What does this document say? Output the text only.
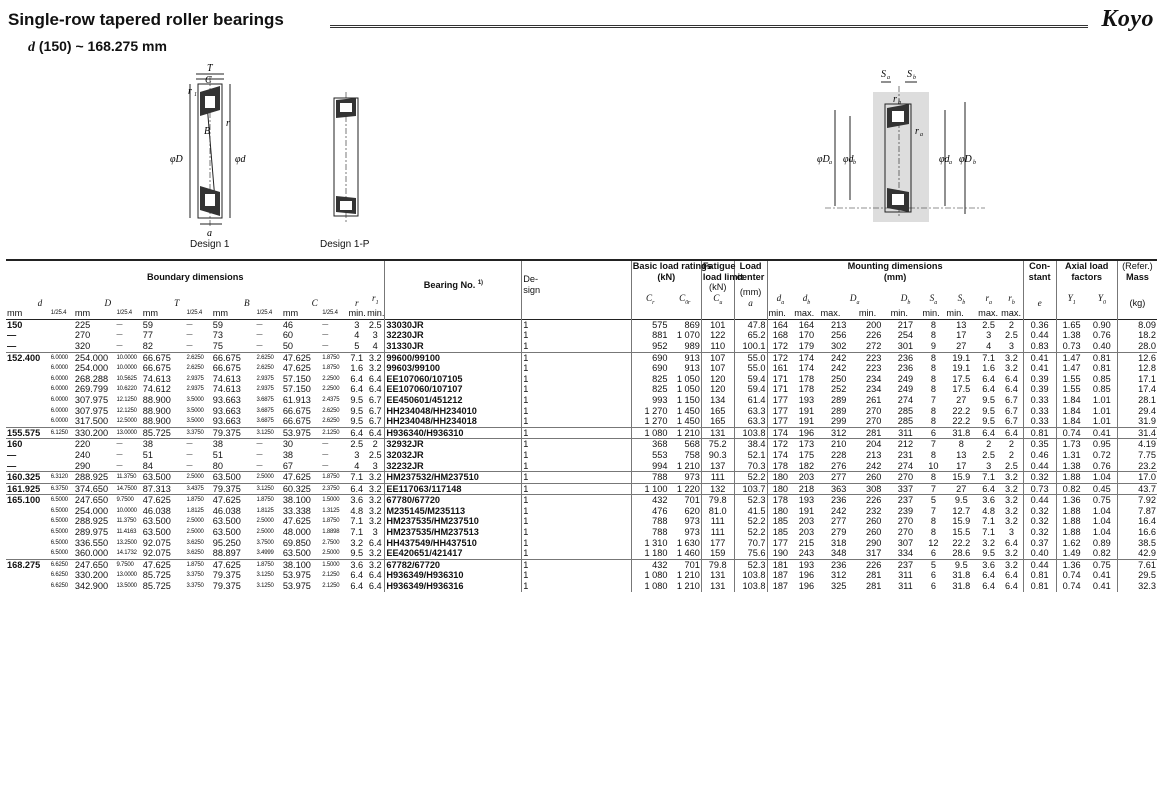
Single-row tapered roller bearings	Koyo
d (150) ~ 168.275 mm
T
C
r 1
r
B
φD	φd
a
Design 1	Design 1-P
S a S b
r b
r a
φD a φd b	φd a φD b
Boundary dimensions												Bearing No. $^{1)}$	De-
sign	Basic load ratings
(kN)		Fatigue
load limit	Load
center	Mounting dimensions
(mm)									Con-
stant	Axial load
factors		(Refer.)
Mass
d		D		T		B		C		r	$r_1$			$C_r$	$C_{0r}$	(kN)
$C_u$	(mm)
a	$d_a$	$d_b$	$D_a$		$D_b$	$S_a$	$S_b$	$r_a$	$r_b$	e	$Y_1$	$Y_0$	(kg)
mm	1/25.4	mm	1/25.4	mm	1/25.4	mm	1/25.4	mm	1/25.4	min.	min.							min.	max.	max.	min.	min.	min.	min.	max.	max.				
150		225	—	59	—	59	—	46	—	3	2.5	33030JR	1	575	869	101	47.8	164	164	213	200	217	8	13	2.5	2	0.36	1.65	0.90	8.09
—		270	—	77	—	73	—	60	—	4	3	32230JR	1	881	1 070	122	65.2	168	170	256	226	254	8	17	3	2.5	0.44	1.38	0.76	18.2
—		320	—	82	—	75	—	50	—	5	4	31330JR	1	952	989	110	100.1	172	179	302	272	301	9	27	4	3	0.83	0.73	0.40	28.0
152.400	6.0000	254.000	10.0000	66.675	2.6250	66.675	2.6250	47.625	1.8750	7.1	3.2	99600/99100	1	690	913	107	55.0	172	174	242	223	236	8	19.1	7.1	3.2	0.41	1.47	0.81	12.6
	6.0000	254.000	10.0000	66.675	2.6250	66.675	2.6250	47.625	1.8750	1.6	3.2	99603/99100	1	690	913	107	55.0	161	174	242	223	236	8	19.1	1.6	3.2	0.41	1.47	0.81	12.8
	6.0000	268.288	10.5625	74.613	2.9375	74.613	2.9375	57.150	2.2500	6.4	6.4	EE107060/107105	1	825	1 050	120	59.4	171	178	250	234	249	8	17.5	6.4	6.4	0.39	1.55	0.85	17.1
	6.0000	269.799	10.6220	74.612	2.9375	74.613	2.9375	57.150	2.2500	6.4	6.4	EE107060/107107	1	825	1 050	120	59.4	171	178	252	234	249	8	17.5	6.4	6.4	0.39	1.55	0.85	17.4
	6.0000	307.975	12.1250	88.900	3.5000	93.663	3.6875	61.913	2.4375	9.5	6.7	EE450601/451212	1	993	1 150	134	61.4	177	193	289	261	274	7	27	9.5	6.7	0.33	1.84	1.01	28.1
	6.0000	307.975	12.1250	88.900	3.5000	93.663	3.6875	66.675	2.6250	9.5	6.7	HH234048/HH234010	1	1 270	1 450	165	63.3	177	191	289	270	285	8	22.2	9.5	6.7	0.33	1.84	1.01	29.4
	6.0000	317.500	12.5000	88.900	3.5000	93.663	3.6875	66.675	2.6250	9.5	6.7	HH234048/HH234018	1	1 270	1 450	165	63.3	177	191	299	270	285	8	22.2	9.5	6.7	0.33	1.84	1.01	31.9
155.575	6.1250	330.200	13.0000	85.725	3.3750	79.375	3.1250	53.975	2.1250	6.4	6.4	H936340/H936310	1	1 080	1 210	131	103.8	174	196	312	281	311	6	31.8	6.4	6.4	0.81	0.74	0.41	31.4
160		220	—	38	—	38	—	30	—	2.5	2	32932JR	1	368	568	75.2	38.4	172	173	210	204	212	7	8	2	2	0.35	1.73	0.95	4.19
—		240	—	51	—	51	—	38	—	3	2.5	32032JR	1	553	758	90.3	52.1	174	175	228	213	231	8	13	2.5	2	0.46	1.31	0.72	7.75
—		290	—	84	—	80	—	67	—	4	3	32232JR	1	994	1 210	137	70.3	178	182	276	242	274	10	17	3	2.5	0.44	1.38	0.76	23.2
160.325	6.3120	288.925	11.3750	63.500	2.5000	63.500	2.5000	47.625	1.8750	7.1	3.2	HM237532/HM237510	1	788	973	111	52.2	180	203	277	260	270	8	15.9	7.1	3.2	0.32	1.88	1.04	17.0
161.925	6.3750	374.650	14.7500	87.313	3.4375	79.375	3.1250	60.325	2.3750	6.4	3.2	EE117063/117148	1	1 100	1 220	132	103.7	180	218	363	308	337	7	27	6.4	3.2	0.73	0.82	0.45	43.7
165.100	6.5000	247.650	9.7500	47.625	1.8750	47.625	1.8750	38.100	1.5000	3.6	3.2	67780/67720	1	432	701	79.8	52.3	178	193	236	226	237	5	9.5	3.6	3.2	0.44	1.36	0.75	7.92
	6.5000	254.000	10.0000	46.038	1.8125	46.038	1.8125	33.338	1.3125	4.8	3.2	M235145/M235113	1	476	620	81.0	41.5	180	191	242	232	239	7	12.7	4.8	3.2	0.32	1.88	1.04	7.87
	6.5000	288.925	11.3750	63.500	2.5000	63.500	2.5000	47.625	1.8750	7.1	3.2	HM237535/HM237510	1	788	973	111	52.2	185	203	277	260	270	8	15.9	7.1	3.2	0.32	1.88	1.04	16.4
	6.5000	289.975	11.4163	63.500	2.5000	63.500	2.5000	48.000	1.8898	7.1	3	HM237535/HM237513	1	788	973	111	52.2	185	203	279	260	270	8	15.5	7.1	3	0.32	1.88	1.04	16.6
	6.5000	336.550	13.2500	92.075	3.6250	95.250	3.7500	69.850	2.7500	3.2	6.4	HH437549/HH437510	1	1 310	1 630	177	70.7	177	215	318	290	307	12	22.2	3.2	6.4	0.37	1.62	0.89	38.5
	6.5000	360.000	14.1732	92.075	3.6250	88.897	3.4999	63.500	2.5000	9.5	3.2	EE420651/421417	1	1 180	1 460	159	75.6	190	243	348	317	334	6	28.6	9.5	3.2	0.40	1.49	0.82	42.9
168.275	6.6250	247.650	9.7500	47.625	1.8750	47.625	1.8750	38.100	1.5000	3.6	3.2	67782/67720	1	432	701	79.8	52.3	181	193	236	226	237	5	9.5	3.6	3.2	0.44	1.36	0.75	7.61
	6.6250	330.200	13.0000	85.725	3.3750	79.375	3.1250	53.975	2.1250	6.4	6.4	H936349/H936310	1	1 080	1 210	131	103.8	187	196	312	281	311	6	31.8	6.4	6.4	0.81	0.74	0.41	29.5
	6.6250	342.900	13.5000	85.725	3.3750	79.375	3.1250	53.975	2.1250	6.4	6.4	H936349/H936316	1	1 080	1 210	131	103.8	187	196	325	281	311	6	31.8	6.4	6.4	0.81	0.74	0.41	32.3
